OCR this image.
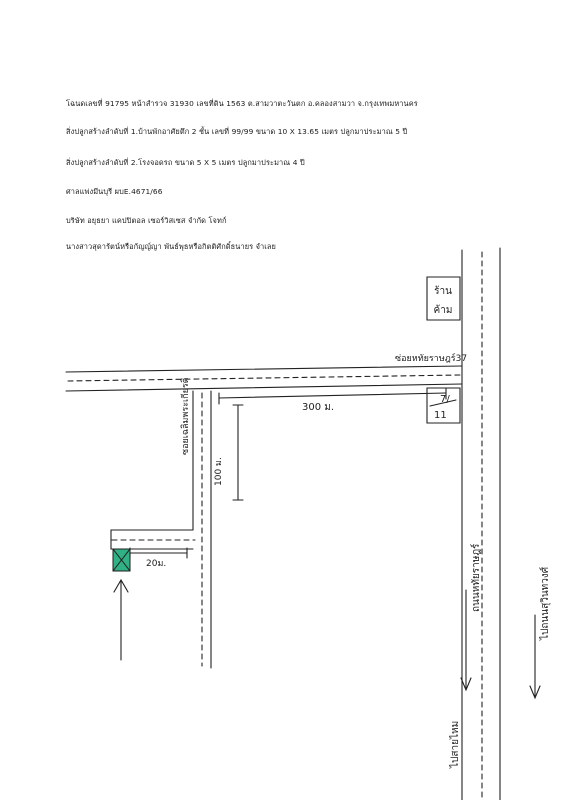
โฉนดเลขที่ 91795 หน้าสำรวจ 31930 เลขที่ดิน 1563 ต.สามวาตะวันตก อ.คลองสามวา จ.กรุงเทพมหานคร
สิ่งปลูกสร้างลำดับที่ 1.บ้านพักอาศัยตึก 2 ชั้น เลขที่ 99/99 ขนาด 10 X 13.65 เมตร ปลูกมาประมาณ 5 ปี
สิ่งปลูกสร้างลำดับที่ 2.โรงจอดรถ ขนาด 5 X 5 เมตร ปลูกมาประมาณ 4 ปี
ศาลแพ่งมีนบุรี ผบE.4671/66
บริษัท อยุธยา แคปปิตอล เซอร์วิสเซส จำกัด โจทก์
นางสาวสุดารัตน์หรือกัญญ์ญา พันธ์พุธหรือกิตติศักดิ์ธนายร จำเลย
ร้าน
ค้าม
ซ่อยหทัยราษฎร์37
7/
11
300 ม.
ซอยเฉลิมพระเกียรติ
100 ม.
20ม.	ถนนหทัยราษฎร์
ไปสายไหม
ไปถนนสุวินทวงศ์
